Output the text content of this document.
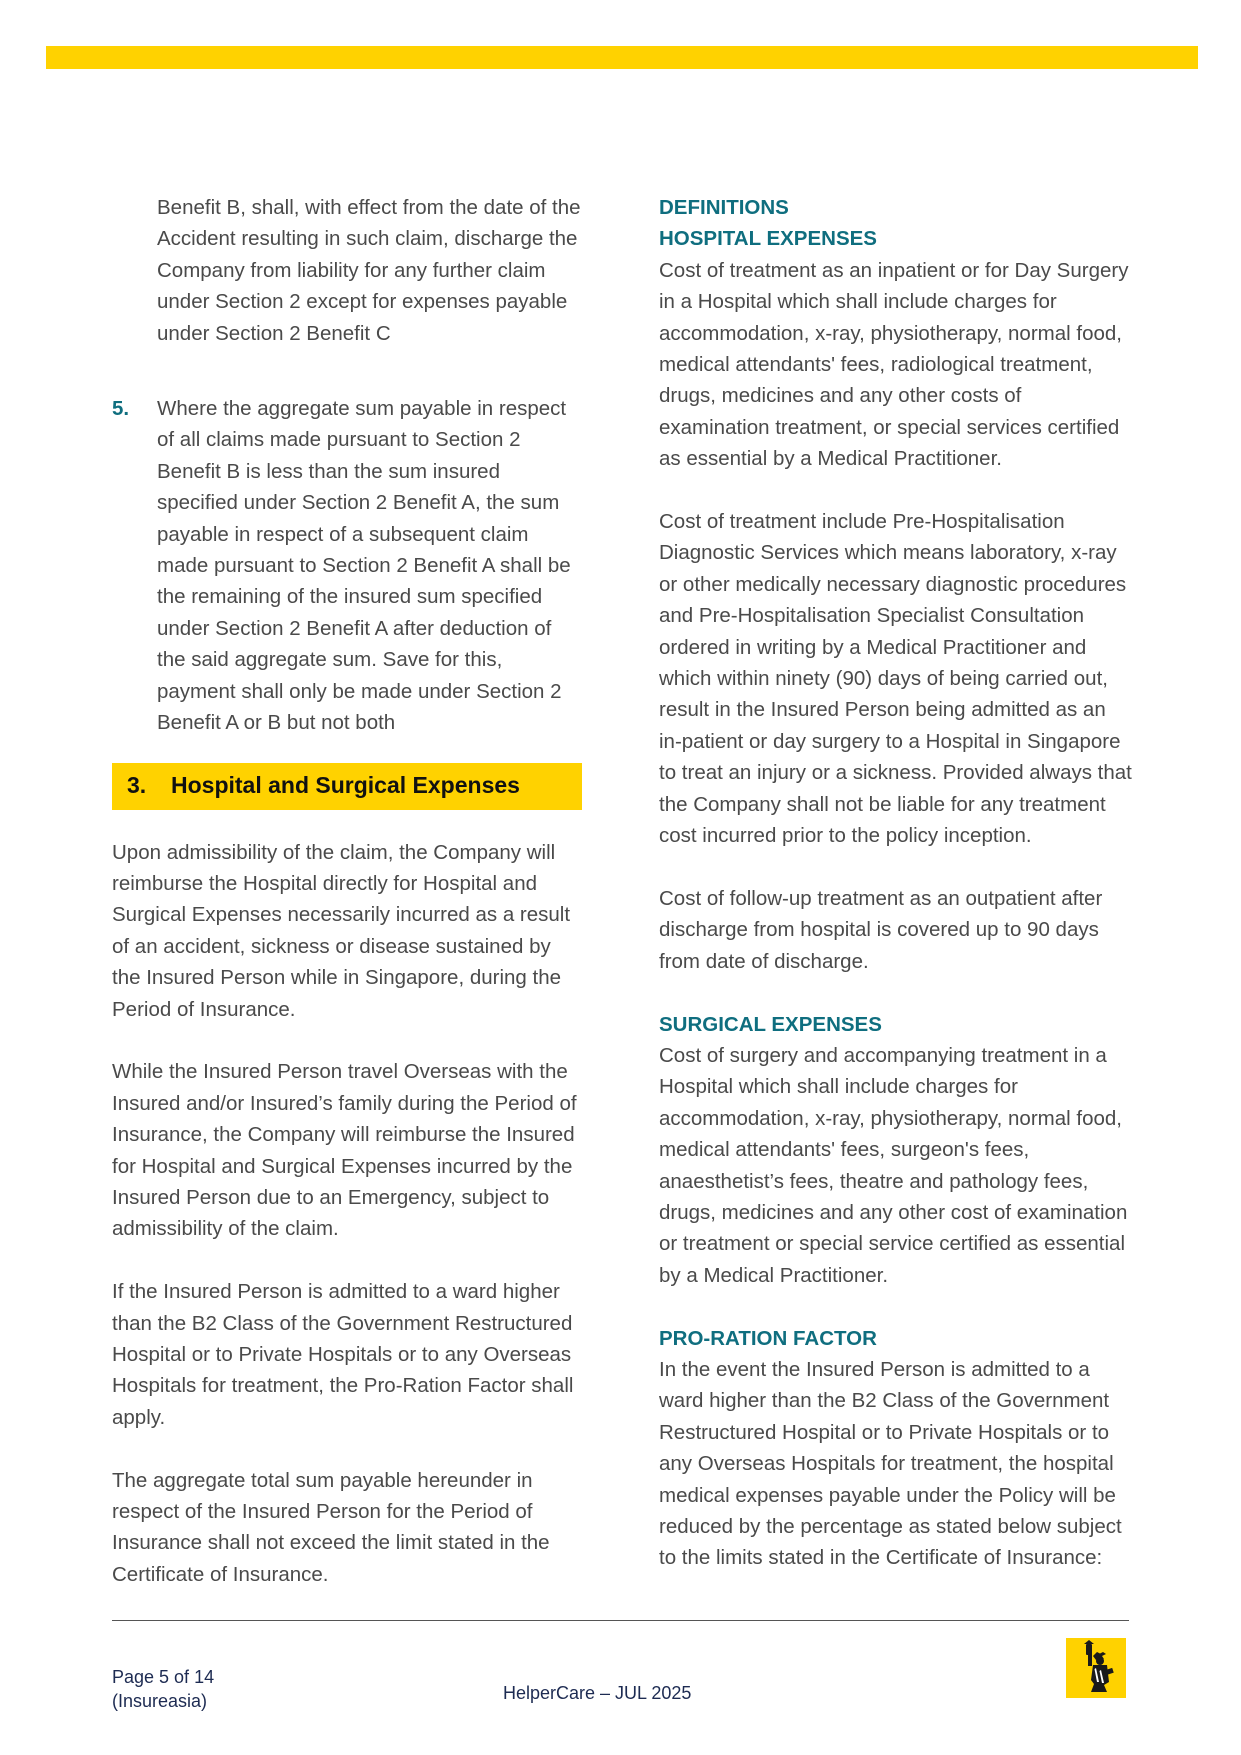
Benefit B, shall, with effect from the date of the Accident resulting in such claim, discharge the Company from liability for any further claim under Section 2 except for expenses payable under Section 2 Benefit C

5. Where the aggregate sum payable in respect of all claims made pursuant to Section 2 Benefit B is less than the sum insured specified under Section 2 Benefit A, the sum payable in respect of a subsequent claim made pursuant to Section 2 Benefit A shall be the remaining of the insured sum specified under Section 2 Benefit A after deduction of the said aggregate sum. Save for this, payment shall only be made under Section 2 Benefit A or B but not both

3.	Hospital and Surgical Expenses

Upon admissibility of the claim, the Company will reimburse the Hospital directly for Hospital and Surgical Expenses necessarily incurred as a result of an accident, sickness or disease sustained by the Insured Person while in Singapore, during the Period of Insurance.

While the Insured Person travel Overseas with the Insured and/or Insured’s family during the Period of Insurance, the Company will reimburse the Insured for Hospital and Surgical Expenses incurred by the Insured Person due to an Emergency, subject to admissibility of the claim.

If the Insured Person is admitted to a ward higher than the B2 Class of the Government Restructured Hospital or to Private Hospitals or to any Overseas Hospitals for treatment, the Pro-Ration Factor shall apply.

The aggregate total sum payable hereunder in respect of the Insured Person for the Period of Insurance shall not exceed the limit stated in the Certificate of Insurance.

DEFINITIONS

HOSPITAL EXPENSES

Cost of treatment as an inpatient or for Day Surgery in a Hospital which shall include charges for accommodation, x-ray, physiotherapy, normal food, medical attendants' fees, radiological treatment, drugs, medicines and any other costs of examination treatment, or special services certified as essential by a Medical Practitioner.

Cost of treatment include Pre-Hospitalisation Diagnostic Services which means laboratory, x-ray or other medically necessary diagnostic procedures and Pre-Hospitalisation Specialist Consultation ordered in writing by a Medical Practitioner and which within ninety (90) days of being carried out, result in the Insured Person being admitted as an in-patient or day surgery to a Hospital in Singapore to treat an injury or a sickness. Provided always that the Company shall not be liable for any treatment cost incurred prior to the policy inception.

Cost of follow-up treatment as an outpatient after discharge from hospital is covered up to 90 days from date of discharge.

SURGICAL EXPENSES

Cost of surgery and accompanying treatment in a Hospital which shall include charges for accommodation, x-ray, physiotherapy, normal food, medical attendants' fees, surgeon's fees, anaesthetist’s fees, theatre and pathology fees, drugs, medicines and any other cost of examination or treatment or special service certified as essential by a Medical Practitioner.

PRO-RATION FACTOR

In the event the Insured Person is admitted to a ward higher than the B2 Class of the Government Restructured Hospital or to Private Hospitals or to any Overseas Hospitals for treatment, the hospital medical expenses payable under the Policy will be reduced by the percentage as stated below subject to the limits stated in the Certificate of Insurance:

Page 5 of 14
(Insureasia)	HelperCare – JUL 2025
